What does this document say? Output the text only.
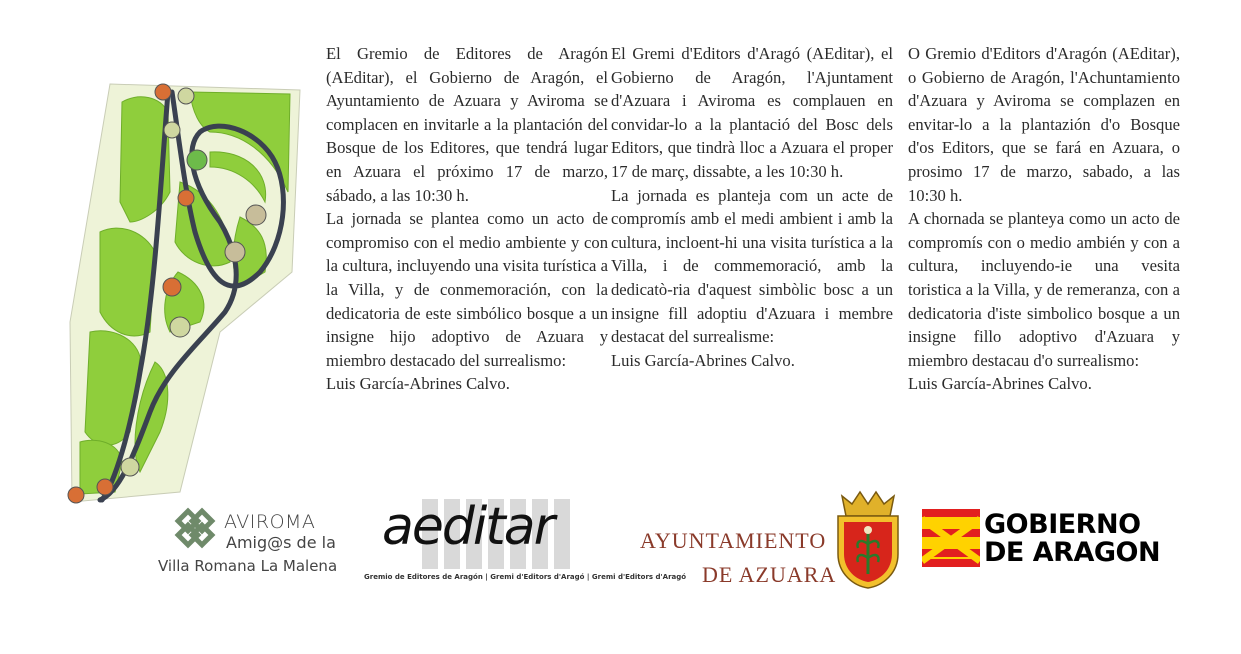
El Gremio de Editores de Aragón (AEditar), el Gobierno de Aragón, el Ayuntamiento de Azuara y Aviroma se complacen en invitarle a la plantación del Bosque de los Editores, que tendrá lugar en Azuara el próximo 17 de marzo, sábado, a las 10:30 h.

La jornada se plantea como un acto de compromiso con el medio ambiente y con la cultura, incluyendo una visita turística a la Villa, y de conmemoración, con la dedicatoria de este simbólico bosque a un insigne hijo adoptivo de Azuara y miembro destacado del surrealismo:

Luis García-Abrines Calvo.

El Gremi d'Editors d'Aragó (AEditar), el Gobierno de Aragón, l'Ajuntament d'Azuara i Aviroma es complauen en convidar-lo a la plantació del Bosc dels Editors, que tindrà lloc a Azuara el proper 17 de març, dissabte, a les 10:30 h.

La jornada es planteja com un acte de compromís amb el medi ambient i amb la cultura, incloent-hi una visita turística a la Villa, i de commemoració, amb la dedicatò-ria d'aquest simbòlic bosc a un insigne fill adoptiu d'Azuara i membre destacat del surrealisme:

Luis García-Abrines Calvo.

O Gremio d'Editors d'Aragón (AEditar), o Gobierno de Aragón, l'Achuntamiento d'Azuara y Aviroma se complazen en envitar-lo a la plantazión d'o Bosque d'os Editors, que se fará en Azuara, o prosimo 17 de marzo, sabado, a las 10:30 h.

A chornada se planteya como un acto de compromís con o medio ambién y con a cultura, incluyendo-ie una vesita toristica a la Villa, y de remeranza, con a dedicatoria d'iste simbolico bosque a un insigne fillo adoptivo d'Azuara y miembro destacau d'o surrealismo:

Luis García-Abrines Calvo.

AVIROMA
Amig@s de la
Villa Romana La Malena
aeditar
Gremio de Editores de Aragón | Gremi d'Editors d'Aragó | Gremi d'Editors d'Aragó
AYUNTAMIENTO
DE AZUARA
GOBIERNO
DE ARAGON
